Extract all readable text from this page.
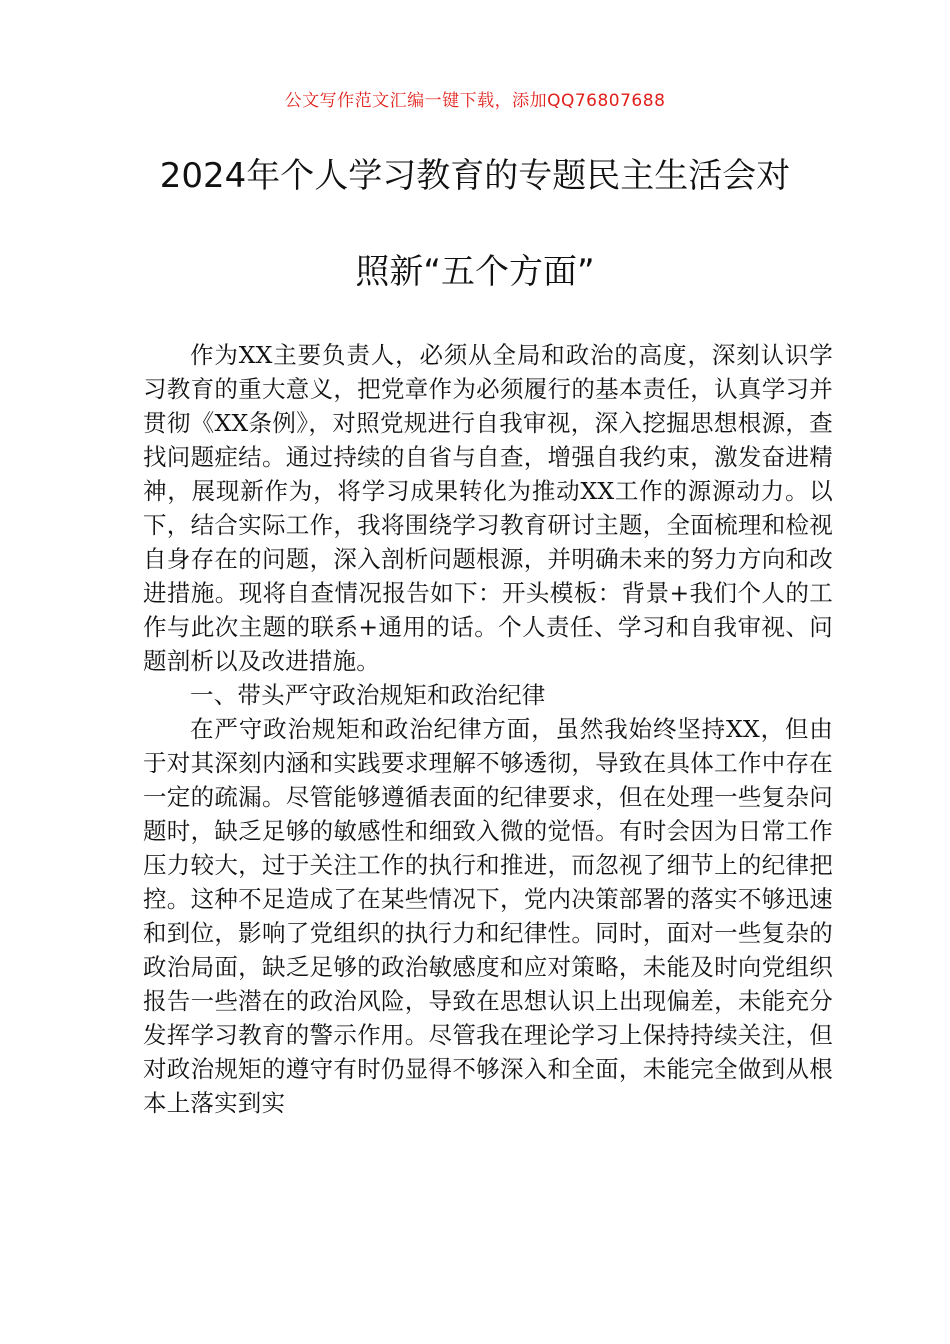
公文写作范文汇编一键下载，添加QQ76807688
2024年个人学习教育的专题民主生活会对
照新“五个方面”

作为XX主要负责人，必须从全局和政治的高度，深刻认识学习教育的重大意义，把党章作为必须履行的基本责任，认真学习并贯彻《XX条例》，对照党规进行自我审视，深入挖掘思想根源，查找问题症结。通过持续的自省与自查，增强自我约束，激发奋进精神，展现新作为，将学习成果转化为推动XX工作的源源动力。以下，结合实际工作，我将围绕学习教育研讨主题，全面梳理和检视自身存在的问题，深入剖析问题根源，并明确未来的努力方向和改进措施。现将自查情况报告如下：开头模板：背景+我们个人的工作与此次主题的联系+通用的话。个人责任、学习和自我审视、问题剖析以及改进措施。

一、带头严守政治规矩和政治纪律

在严守政治规矩和政治纪律方面，虽然我始终坚持XX，但由于对其深刻内涵和实践要求理解不够透彻，导致在具体工作中存在一定的疏漏。尽管能够遵循表面的纪律要求，但在处理一些复杂问题时，缺乏足够的敏感性和细致入微的觉悟。有时会因为日常工作压力较大，过于关注工作的执行和推进，而忽视了细节上的纪律把控。这种不足造成了在某些情况下，党内决策部署的落实不够迅速和到位，影响了党组织的执行力和纪律性。同时，面对一些复杂的政治局面，缺乏足够的政治敏感度和应对策略，未能及时向党组织报告一些潜在的政治风险，导致在思想认识上出现偏差，未能充分发挥学习教育的警示作用。尽管我在理论学习上保持持续关注，但对政治规矩的遵守有时仍显得不够深入和全面，未能完全做到从根本上落实到实
